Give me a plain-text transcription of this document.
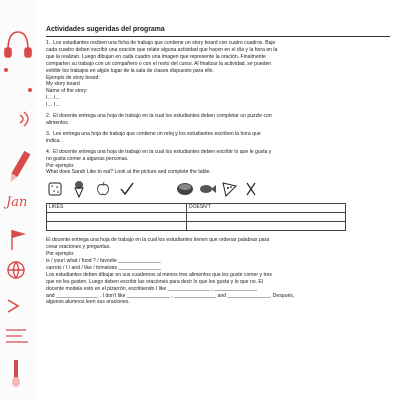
Jan
Actividades sugeridas del programa
1. Los estudiantes reciben una ficha de trabajo que contiene un story board con cuatro cuadros. Bajo
cada cuadro deben escribir una oración que relate alguna actividad que hacen en el día y la hora en la
que la realizan. Luego dibujan en cada cuadro una imagen que represente la oración. Finalmente
comparten su trabajo con un compañero o con el resto del curso. Al finalizar la actividad, se pueden
exhibir los trabajos en algún lugar de la sala de clases dispuesto para ello.
Ejemplo de story board:
My story board
Name of the story:
I… I…
I… I…
2. El docente entrega una hoja de trabajo en la cual los estudiantes deben completar un puzzle con
alimentos.
3. Les entrega una hoja de trabajo que contiene un reloj y los estudiantes escriben la hora que
indica.
4. El docente entrega una hoja de trabajo en la cual los estudiantes deben escribir lo que le gusta y
no gusta comer a algunas personas.
Por ejemplo:
What does Sarah Like to eat? Look at the picture and complete the table.
LIKES	DOESN'T

El docente entrega una hoja de trabajo en la cual los estudiantes tienen que ordenar palabras para
crear oraciones y preguntas.
Por ejemplo:
is / your/ what / food ? / favorite _______________
carrots / I / and / like / tomatoes _______________
Los estudiantes deben dibujar en sus cuadernos al menos tres alimentos que les guste comer y tres
que no les gusten. Luego deben escribir las oraciones para decir lo que les gusta y lo que no. El
docente modela esto en el pizarrón, escribiendo I like _______________ , _______________
and _______________ . I don't like _______________ , _______________ and _______________. Después,
algunos alumnos leen sus oraciones.
